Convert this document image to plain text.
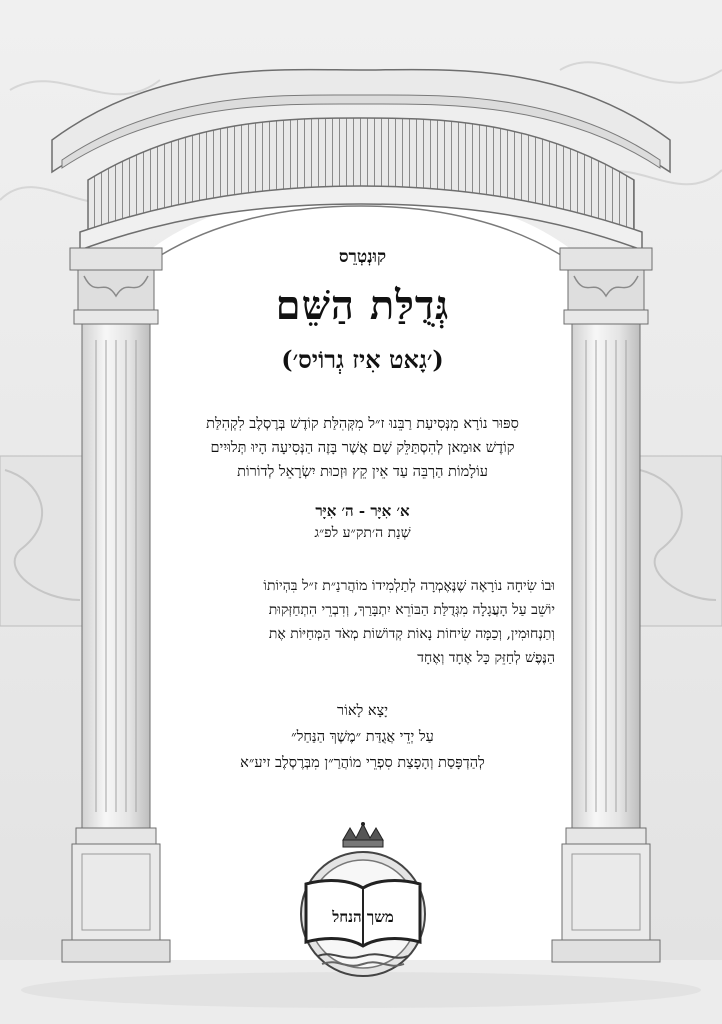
קוּנְטְרֵס
גְּדֻלַּת הַשֵּׁם
(׳גָאט אִיז גְרוֹיס׳)
סִפּוּר נוֹרָא מִנְּסִיעַת רַבֵּנוּ ז״ל מִקְּהִלַּת קוֹדֶשׁ בְּרֶסְלֶב לִקְהִלַּת
קוֹדֶשׁ אוּמַאן לְהִסְתַּלֵּק שָׁם אֲשֶׁר בָּזֶה הַנְּסִיעָה הָיוּ תְּלוּיִים
עוֹלָמוֹת הַרְבֵּה עַד אֵין קֵץ וּזְכוּת יִשְׂרָאֵל לְדוֹרוֹת
א׳ אִיָּר - ה׳ אִיָּר
שְׁנַת ה׳תק״ע לפ״ג
וּבוֹ שִׂיחָה נוֹרָאָה שֶׁנֶּאֶמְרָה לְתַלְמִידוֹ מוֹהֲרנַ״ת ז״ל בִּהְיוֹתוֹ
יוֹשֵׁב עַל הָעֲגָלָה מִגְּדֻלַּת הַבּוֹרֵא יִתְבָּרַךְ, וְדִבְרֵי הִתְחַזְּקוּת
וְתַנְחוּמִין, וְכַמָּה שִׂיחוֹת נָאוֹת קְדוֹשׁוֹת מְאֹד הַמְּחַיּוֹת אֶת
הַנֶּפֶשׁ לְחַזֵּק כָּל אֶחָד וְאֶחָד
יָצָא לָאוֹר
עַל יְדֵי אֲגֻדַּת ״מֶשֶׁךְ הַנַּחַל״
לְהַדְפָּסַת וְהָפָצַת סִפְרֵי מוֹהֲרַ״ן מִבְּרֶסְלֶב זיע״א
משך הנחל
